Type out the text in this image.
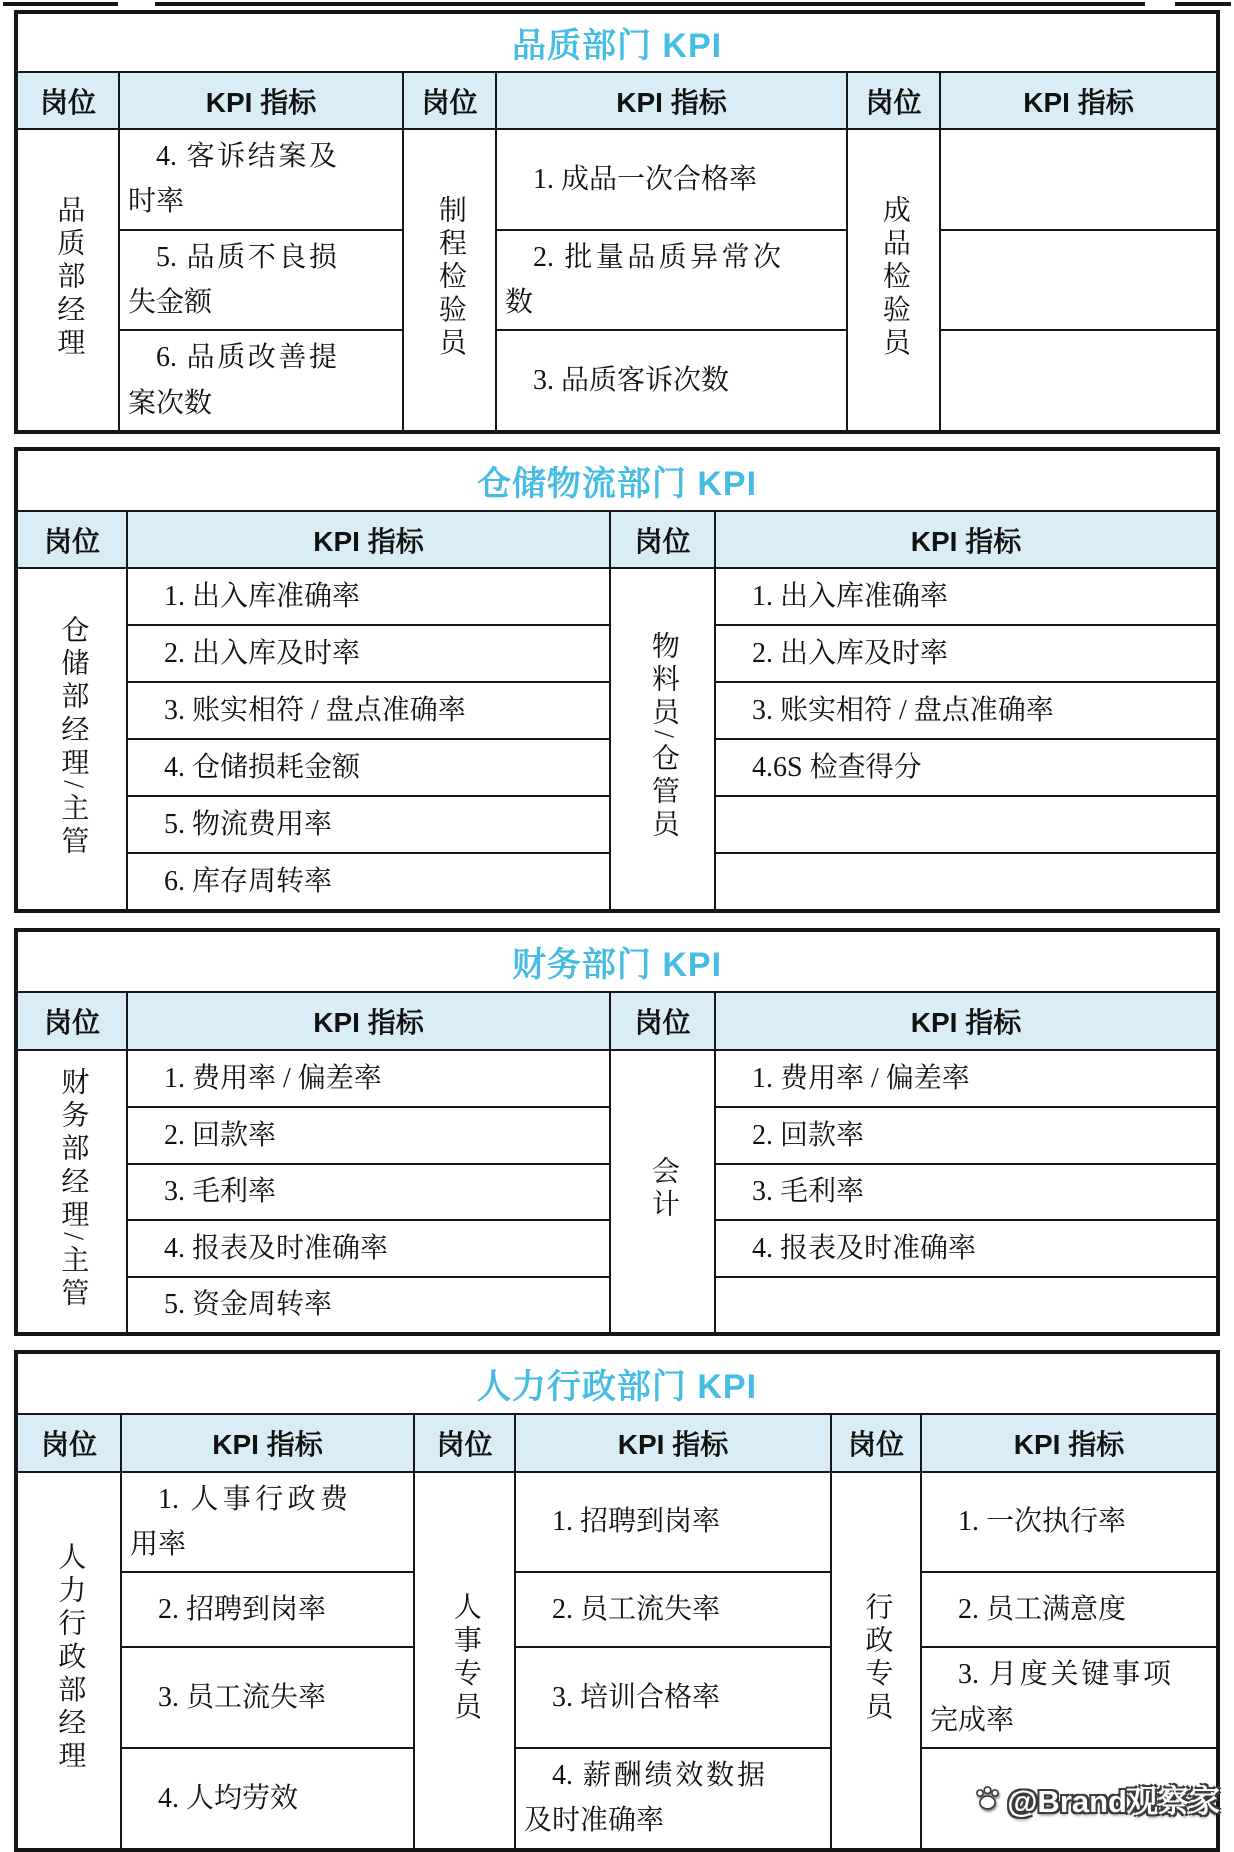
品质部门 KPI					
岗位	KPI 指标	岗位	KPI 指标	岗位	KPI 指标
品质部经理	4. 客诉结案及时率	制程检验员	1. 成品一次合格率	成品检验员	
	5. 品质不良损失金额		2. 批量品质异常次数		
	6. 品质改善提案次数		3. 品质客诉次数		
仓储物流部门 KPI			
岗位	KPI 指标	岗位	KPI 指标
仓储部经理/主管	1. 出入库准确率	物料员/仓管员	1. 出入库准确率
	2. 出入库及时率		2. 出入库及时率
	3. 账实相符 / 盘点准确率		3. 账实相符 / 盘点准确率
	4. 仓储损耗金额		4.6S 检查得分
	5. 物流费用率		
	6. 库存周转率		
财务部门 KPI			
岗位	KPI 指标	岗位	KPI 指标
财务部经理/主管	1. 费用率 / 偏差率	会计	1. 费用率 / 偏差率
	2. 回款率		2. 回款率
	3. 毛利率		3. 毛利率
	4. 报表及时准确率		4. 报表及时准确率
	5. 资金周转率		
人力行政部门 KPI					
岗位	KPI 指标	岗位	KPI 指标	岗位	KPI 指标
人力行政部经理	1. 人事行政费用率	人事专员	1. 招聘到岗率	行政专员	1. 一次执行率
	2. 招聘到岗率		2. 员工流失率		2. 员工满意度
	3. 员工流失率		3. 培训合格率		3. 月度关键事项完成率
	4. 人均劳效		4. 薪酬绩效数据及时准确率		
@Brand观察家
